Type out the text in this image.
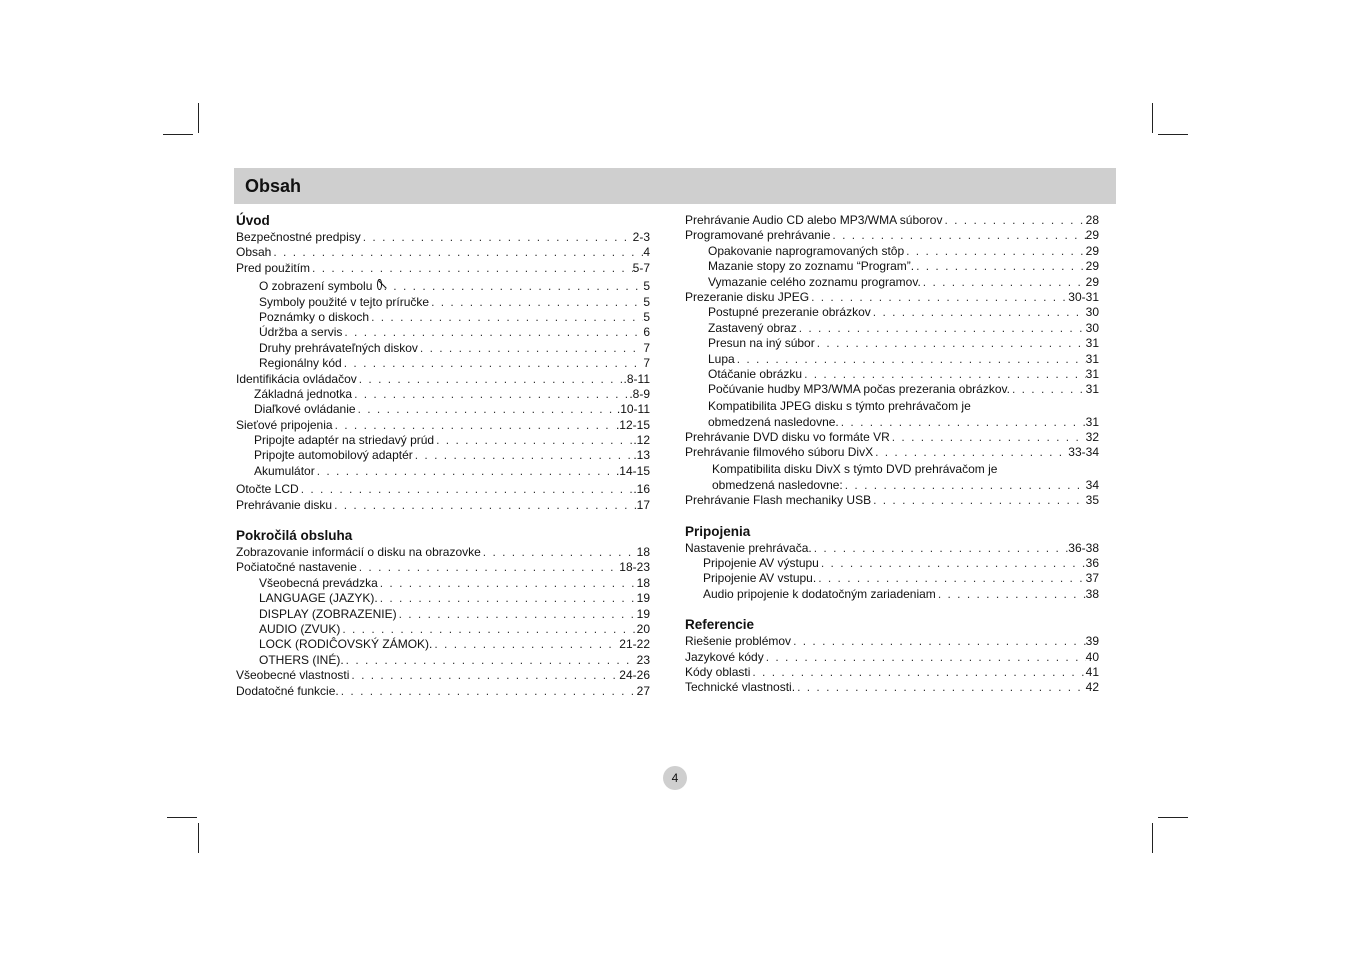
Obsah
Úvod
Bezpečnostné predpisy . . .	2-3
Obsah . . .	4
Pred použitím . . .	5-7
O zobrazení symbolu . . .	5
Symboly použité v tejto príručke . . .	5
Poznámky o diskoch . . .	5
Údržba a servis . . .	6
Druhy prehrávateľných diskov . . .	7
Regionálny kód . . .	7
Identifikácia ovládačov . . .	.8-11
Základná jednotka . . .	.8-9
Diaľkové ovládanie . . .	.10-11
Sieťové pripojenia . . .	.12-15
Pripojte adaptér na striedavý prúd . . .	.12
Pripojte automobilový adaptér . . .	.13
Akumulátor . . .	.14-15
Otočte LCD . . .	.16
Prehrávanie disku . . .	17
Pokročilá obsluha
Zobrazovanie informácií o disku na obrazovke . . .	18
Počiatočné nastavenie . . .	18-23
Všeobecná prevádzka . . .	18
LANGUAGE (JAZYK). . . .	19
DISPLAY (ZOBRAZENIE) . . .	19
AUDIO (ZVUK) . . .	20
LOCK (RODIĈOVSKÝ ZÁMOK). . . .	21-22
OTHERS (INÉ). . . .	23
Všeobecné vlastnosti . . .	24-26
Dodatočné funkcie. . . .	27
Prehrávanie Audio CD alebo MP3/WMA súborov . . .	28
Programované prehrávanie . . .	29
Opakovanie naprogramovaných stôp . . .	29
Mazanie stopy zo zoznamu “Program”. . . .	29
Vymazanie celého zoznamu programov. . . .	29
Prezeranie disku JPEG . . .	30-31
Postupné prezeranie obrázkov . . .	30
Zastavený obraz . . .	30
Presun na iný súbor . . .	31
Lupa . . .	31
Otáčanie obrázku . . .	31
Počúvanie hudby MP3/WMA počas prezerania obrázkov. . . .	31
Kompatibilita JPEG disku s týmto prehrávačom je
obmedzená nasledovne. . . .	31
Prehrávanie DVD disku vo formáte VR . . .	32
Prehrávanie filmového súboru DivX . . .	33-34
Kompatibilita disku DivX s týmto DVD prehrávačom je
obmedzená nasledovne: . . .	34
Prehrávanie Flash mechaniky USB . . .	35
Pripojenia
Nastavenie prehrávača. . . .	36-38
Pripojenie AV výstupu . . .	36
Pripojenie AV vstupu. . . .	37
Audio pripojenie k dodatočným zariadeniam . . .	38
Referencie
Riešenie problémov . . .	39
Jazykové kódy . . .	40
Kódy oblasti . . .	41
Technické vlastnosti. . . .	42
4
